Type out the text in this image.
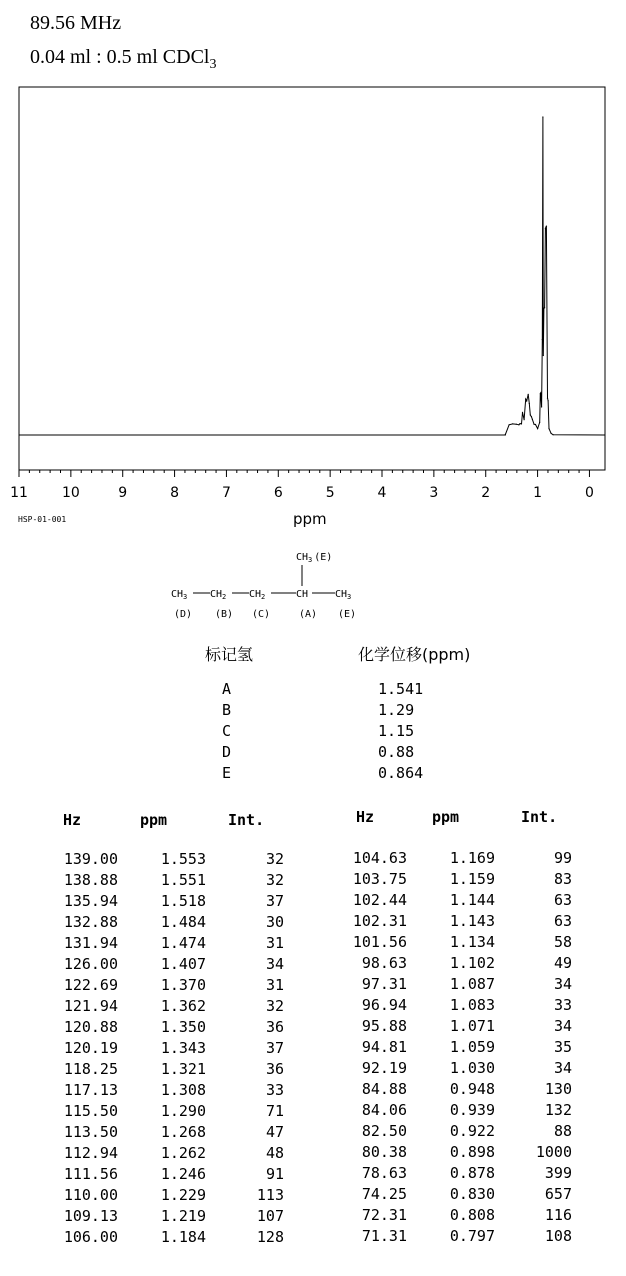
89.56 MHz
0.04 ml : 0.5 ml CDCl$_3$
11 10	9	8	7	6	5	4	3	2	1	0
HSP-01-001	ppm
$CH_3$ (E)
$CH_3$ $CH_2$ $CH_2$	CH	$CH_3$
(D) (B) (C)	(A) (E)
标记氢	化学位移(ppm)
A	1.541
B	1.29
C	1.15
D	0.88
E	0.864
Hz	ppm	Int.	Hz	ppm	Int.
139.00	1.553	32
138.88	1.551	32
135.94	1.518	37
132.88	1.484	30
131.94	1.474	31
126.00	1.407	34
122.69	1.370	31
121.94	1.362	32
120.88	1.350	36
120.19	1.343	37
118.25	1.321	36
117.13	1.308	33
115.50	1.290	71
113.50	1.268	47
112.94	1.262	48
111.56	1.246	91
110.00	1.229	113
109.13	1.219	107
106.00	1.184	128
104.63	1.169	99
103.75	1.159	83
102.44	1.144	63
102.31	1.143	63
101.56	1.134	58
98.63	1.102	49
97.31	1.087	34
96.94	1.083	33
95.88	1.071	34
94.81	1.059	35
92.19	1.030	34
84.88	0.948	130
84.06	0.939	132
82.50	0.922	88
80.38	0.898	1000
78.63	0.878	399
74.25	0.830	657
72.31	0.808	116
71.31	0.797	108
